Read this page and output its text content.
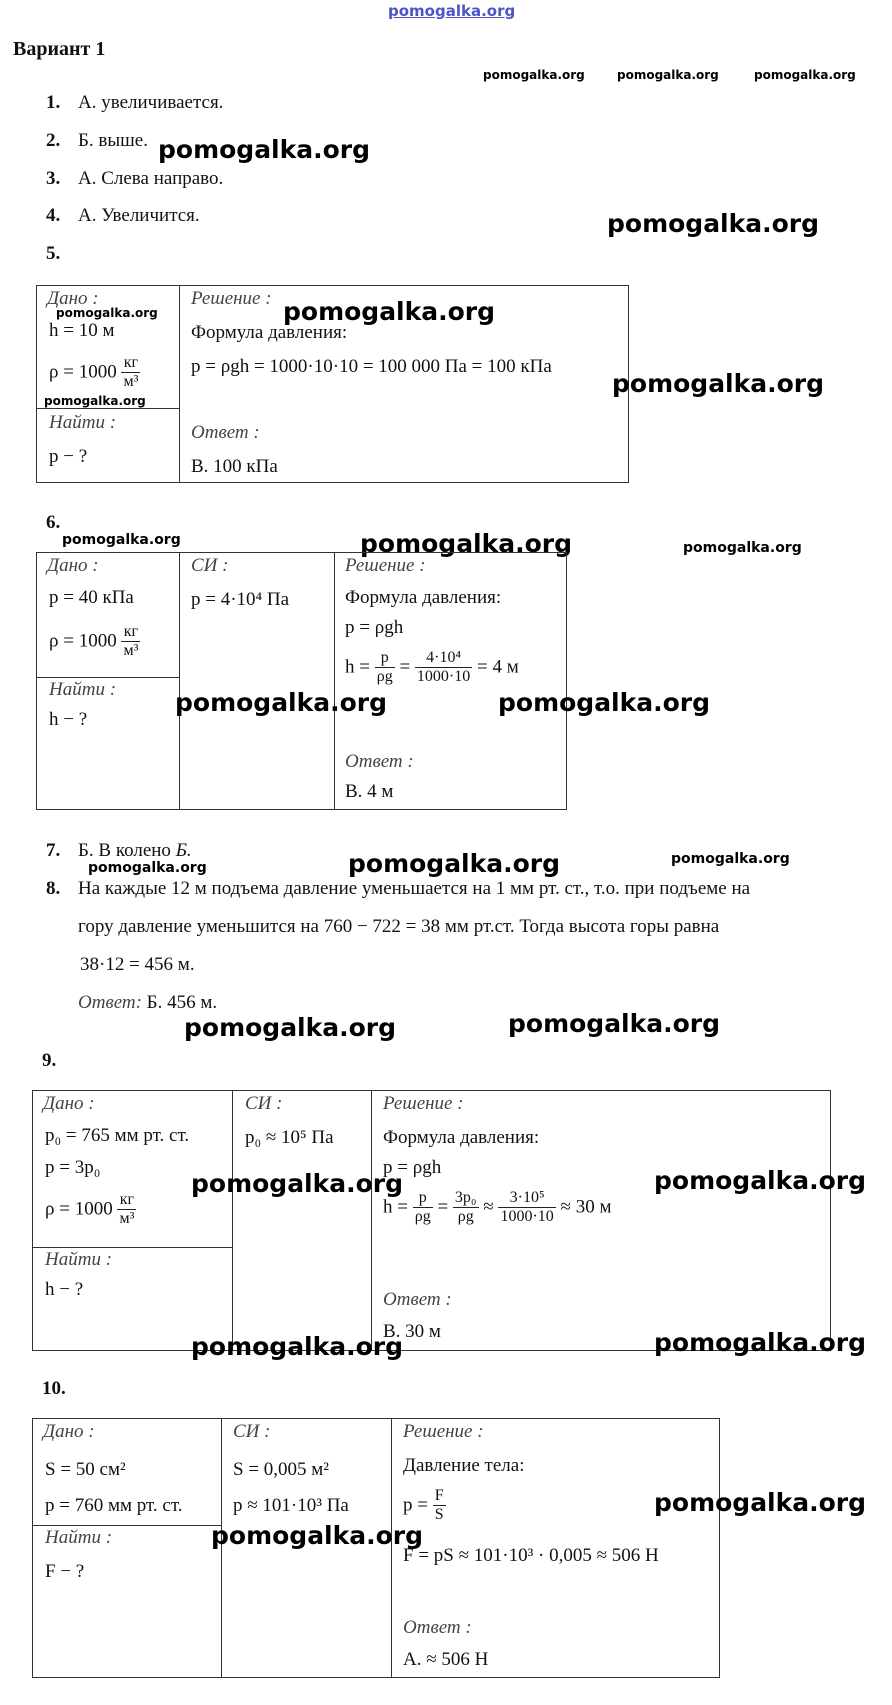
pomogalka.org
Вариант 1
pomogalka.org	pomogalka.org	pomogalka.org
1. А. увеличивается.
2. Б. выше. pomogalka.org
3. А. Слева направо.
4. А. Увеличится.	pomogalka.org
5.
Дано :
h = 10 м
$\rho = 1000 \frac{кг}{\text{м³}}$
Найти :
p − ?
Решение :
Формула давления:
p = ρgh = 1000·10·10 = 100 000 Па = 100 кПа
Ответ :
В. 100 кПа
pomogalka.org
pomogalka.org
pomogalka.org
pomogalka.org
6.
pomogalka.org	pomogalka.org	pomogalka.org
Дано :
p = 40 кПа
$\rho = 1000 \frac{кг}{\text{м³}}$
Найти :
h − ?
СИ :
p = 4·10⁴ Па
Решение :
Формула давления:
p = ρgh
$h = \frac{p}{\rho g} = \frac{\text{4·10⁴}}{1000\cdot 10} = 4$ м
Ответ :
В. 4 м
pomogalka.org	pomogalka.org
7. Б. В колено Б.
pomogalka.org	pomogalka.org	pomogalka.org
8. На каждые 12 м подъема давление уменьшается на 1 мм рт. ст., т.о. при подъеме на
гору давление уменьшится на 760 − 722 = 38 мм рт.ст. Тогда высота горы равна
38·12 = 456 м.
Ответ: Б. 456 м.
pomogalka.org	pomogalka.org
9.
Дано :
p₀ = 765 мм рт. ст.
p = 3p₀
$\rho = 1000 \frac{кг}{\text{м³}}$
Найти :
h − ?
СИ :
p₀ ≈ 10⁵ Па
Решение :
Формула давления:
p = ρgh
$h = \frac{p}{\rho g} = \frac{\text{3p₀}}{\rho g} \approx \frac{\text{3·10⁵}}{1000\cdot 10} \approx 30$ м
Ответ :
В. 30 м
pomogalka.org	pomogalka.org
pomogalka.org	pomogalka.org
10.
Дано :
S = 50 см²
p = 760 мм рт. ст.
Найти :
F − ?
СИ :
S = 0,005 м²
p ≈ 101·10³ Па
Решение :
Давление тела:
$p = \frac{F}{S}$
F = pS ≈ 101·10³ · 0,005 ≈ 506 Н
Ответ :
А. ≈ 506 Н
pomogalka.org
pomogalka.org
